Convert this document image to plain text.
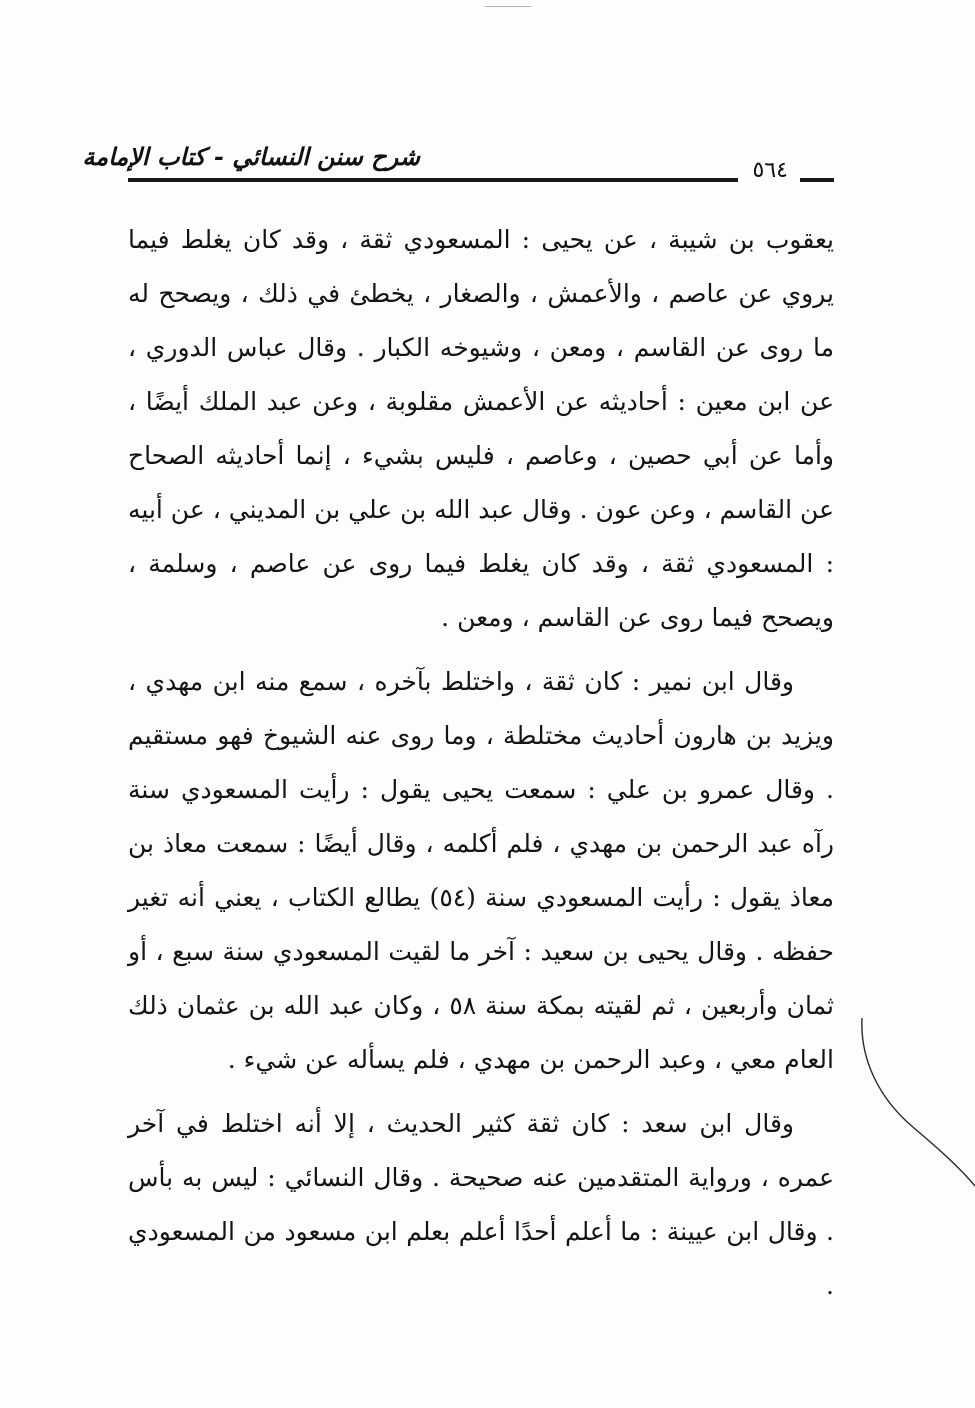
شرح سنن النسائي - كتاب الإمامة	٥٦٤

يعقوب بن شيبة ، عن يحيى : المسعودي ثقة ، وقد كان يغلط فيما يروي عن عاصم ، والأعمش ، والصغار ، يخطئ في ذلك ، ويصحح له ما روى عن القاسم ، ومعن ، وشيوخه الكبار . وقال عباس الدوري ، عن ابن معين : أحاديثه عن الأعمش مقلوبة ، وعن عبد الملك أيضًا ، وأما عن أبي حصين ، وعاصم ، فليس بشيء ، إنما أحاديثه الصحاح عن القاسم ، وعن عون . وقال عبد الله بن علي بن المديني ، عن أبيه : المسعودي ثقة ، وقد كان يغلط فيما روى عن عاصم ، وسلمة ، ويصحح فيما روى عن القاسم ، ومعن .

وقال ابن نمير : كان ثقة ، واختلط بآخره ، سمع منه ابن مهدي ، ويزيد بن هارون أحاديث مختلطة ، وما روى عنه الشيوخ فهو مستقيم . وقال عمرو بن علي : سمعت يحيى يقول : رأيت المسعودي سنة رآه عبد الرحمن بن مهدي ، فلم أكلمه ، وقال أيضًا : سمعت معاذ بن معاذ يقول : رأيت المسعودي سنة (٥٤) يطالع الكتاب ، يعني أنه تغير حفظه . وقال يحيى بن سعيد : آخر ما لقيت المسعودي سنة سبع ، أو ثمان وأربعين ، ثم لقيته بمكة سنة ٥٨ ، وكان عبد الله بن عثمان ذلك العام معي ، وعبد الرحمن بن مهدي ، فلم يسأله عن شيء .

وقال ابن سعد : كان ثقة كثير الحديث ، إلا أنه اختلط في آخر عمره ، ورواية المتقدمين عنه صحيحة . وقال النسائي : ليس به بأس . وقال ابن عيينة : ما أعلم أحدًا أعلم بعلم ابن مسعود من المسعودي .
